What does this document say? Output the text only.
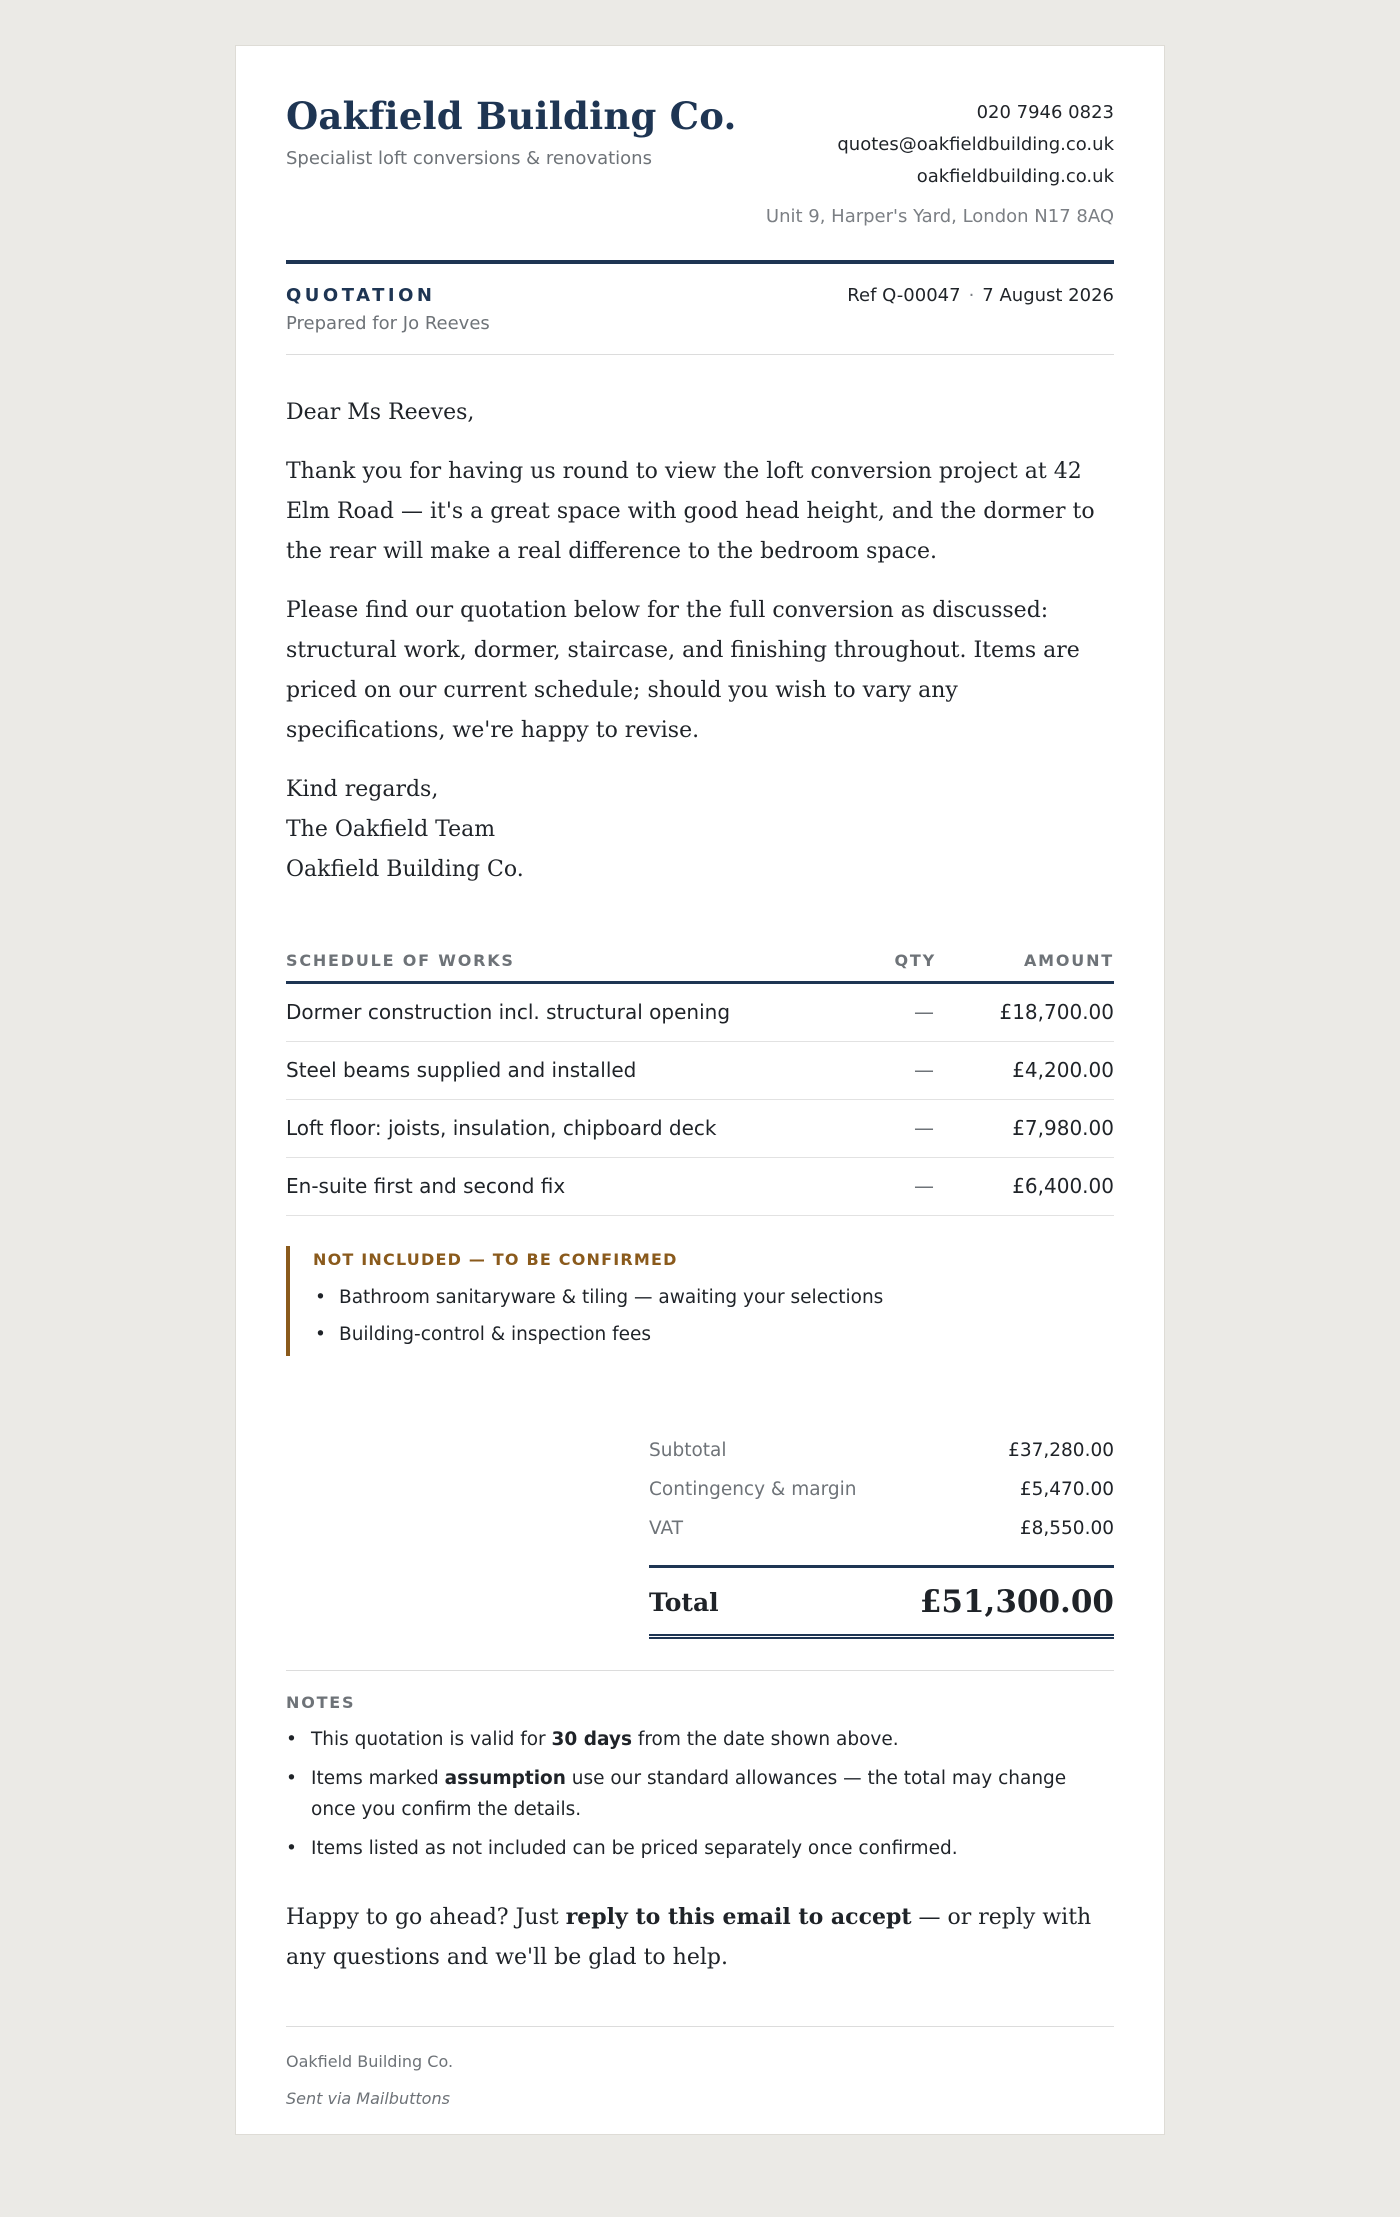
Oakfield Building Co.
Specialist loft conversions & renovations
020 7946 0823
quotes@oakfieldbuilding.co.uk
oakfieldbuilding.co.uk
Unit 9, Harper's Yard, London N17 8AQ
QUOTATION
Prepared for Jo Reeves
Ref Q-00047 · 7 August 2026

Dear Ms Reeves,

Thank you for having us round to view the loft conversion project at 42 Elm Road — it's a great space with good head height, and the dormer to the rear will make a real difference to the bedroom space.

Please find our quotation below for the full conversion as discussed: structural work, dormer, staircase, and finishing throughout. Items are priced on our current schedule; should you wish to vary any specifications, we're happy to revise.

Kind regards,
The Oakfield Team
Oakfield Building Co.

SCHEDULE OF WORKS	QTY	AMOUNT
Dormer construction incl. structural opening	—	£18,700.00
Steel beams supplied and installed	—	£4,200.00
Loft floor: joists, insulation, chipboard deck	—	£7,980.00
En-suite first and second fix	—	£6,400.00
NOT INCLUDED — TO BE CONFIRMED
• Bathroom sanitaryware & tiling — awaiting your selections
• Building-control & inspection fees
Subtotal	£37,280.00
Contingency & margin	£5,470.00
VAT	£8,550.00
Total	£51,300.00
NOTES
• This quotation is valid for 30 days from the date shown above.
• Items marked assumption use our standard allowances — the total may change once you confirm the details.
• Items listed as not included can be priced separately once confirmed.
Happy to go ahead? Just reply to this email to accept — or reply with any questions and we'll be glad to help.
Oakfield Building Co.
Sent via Mailbuttons
